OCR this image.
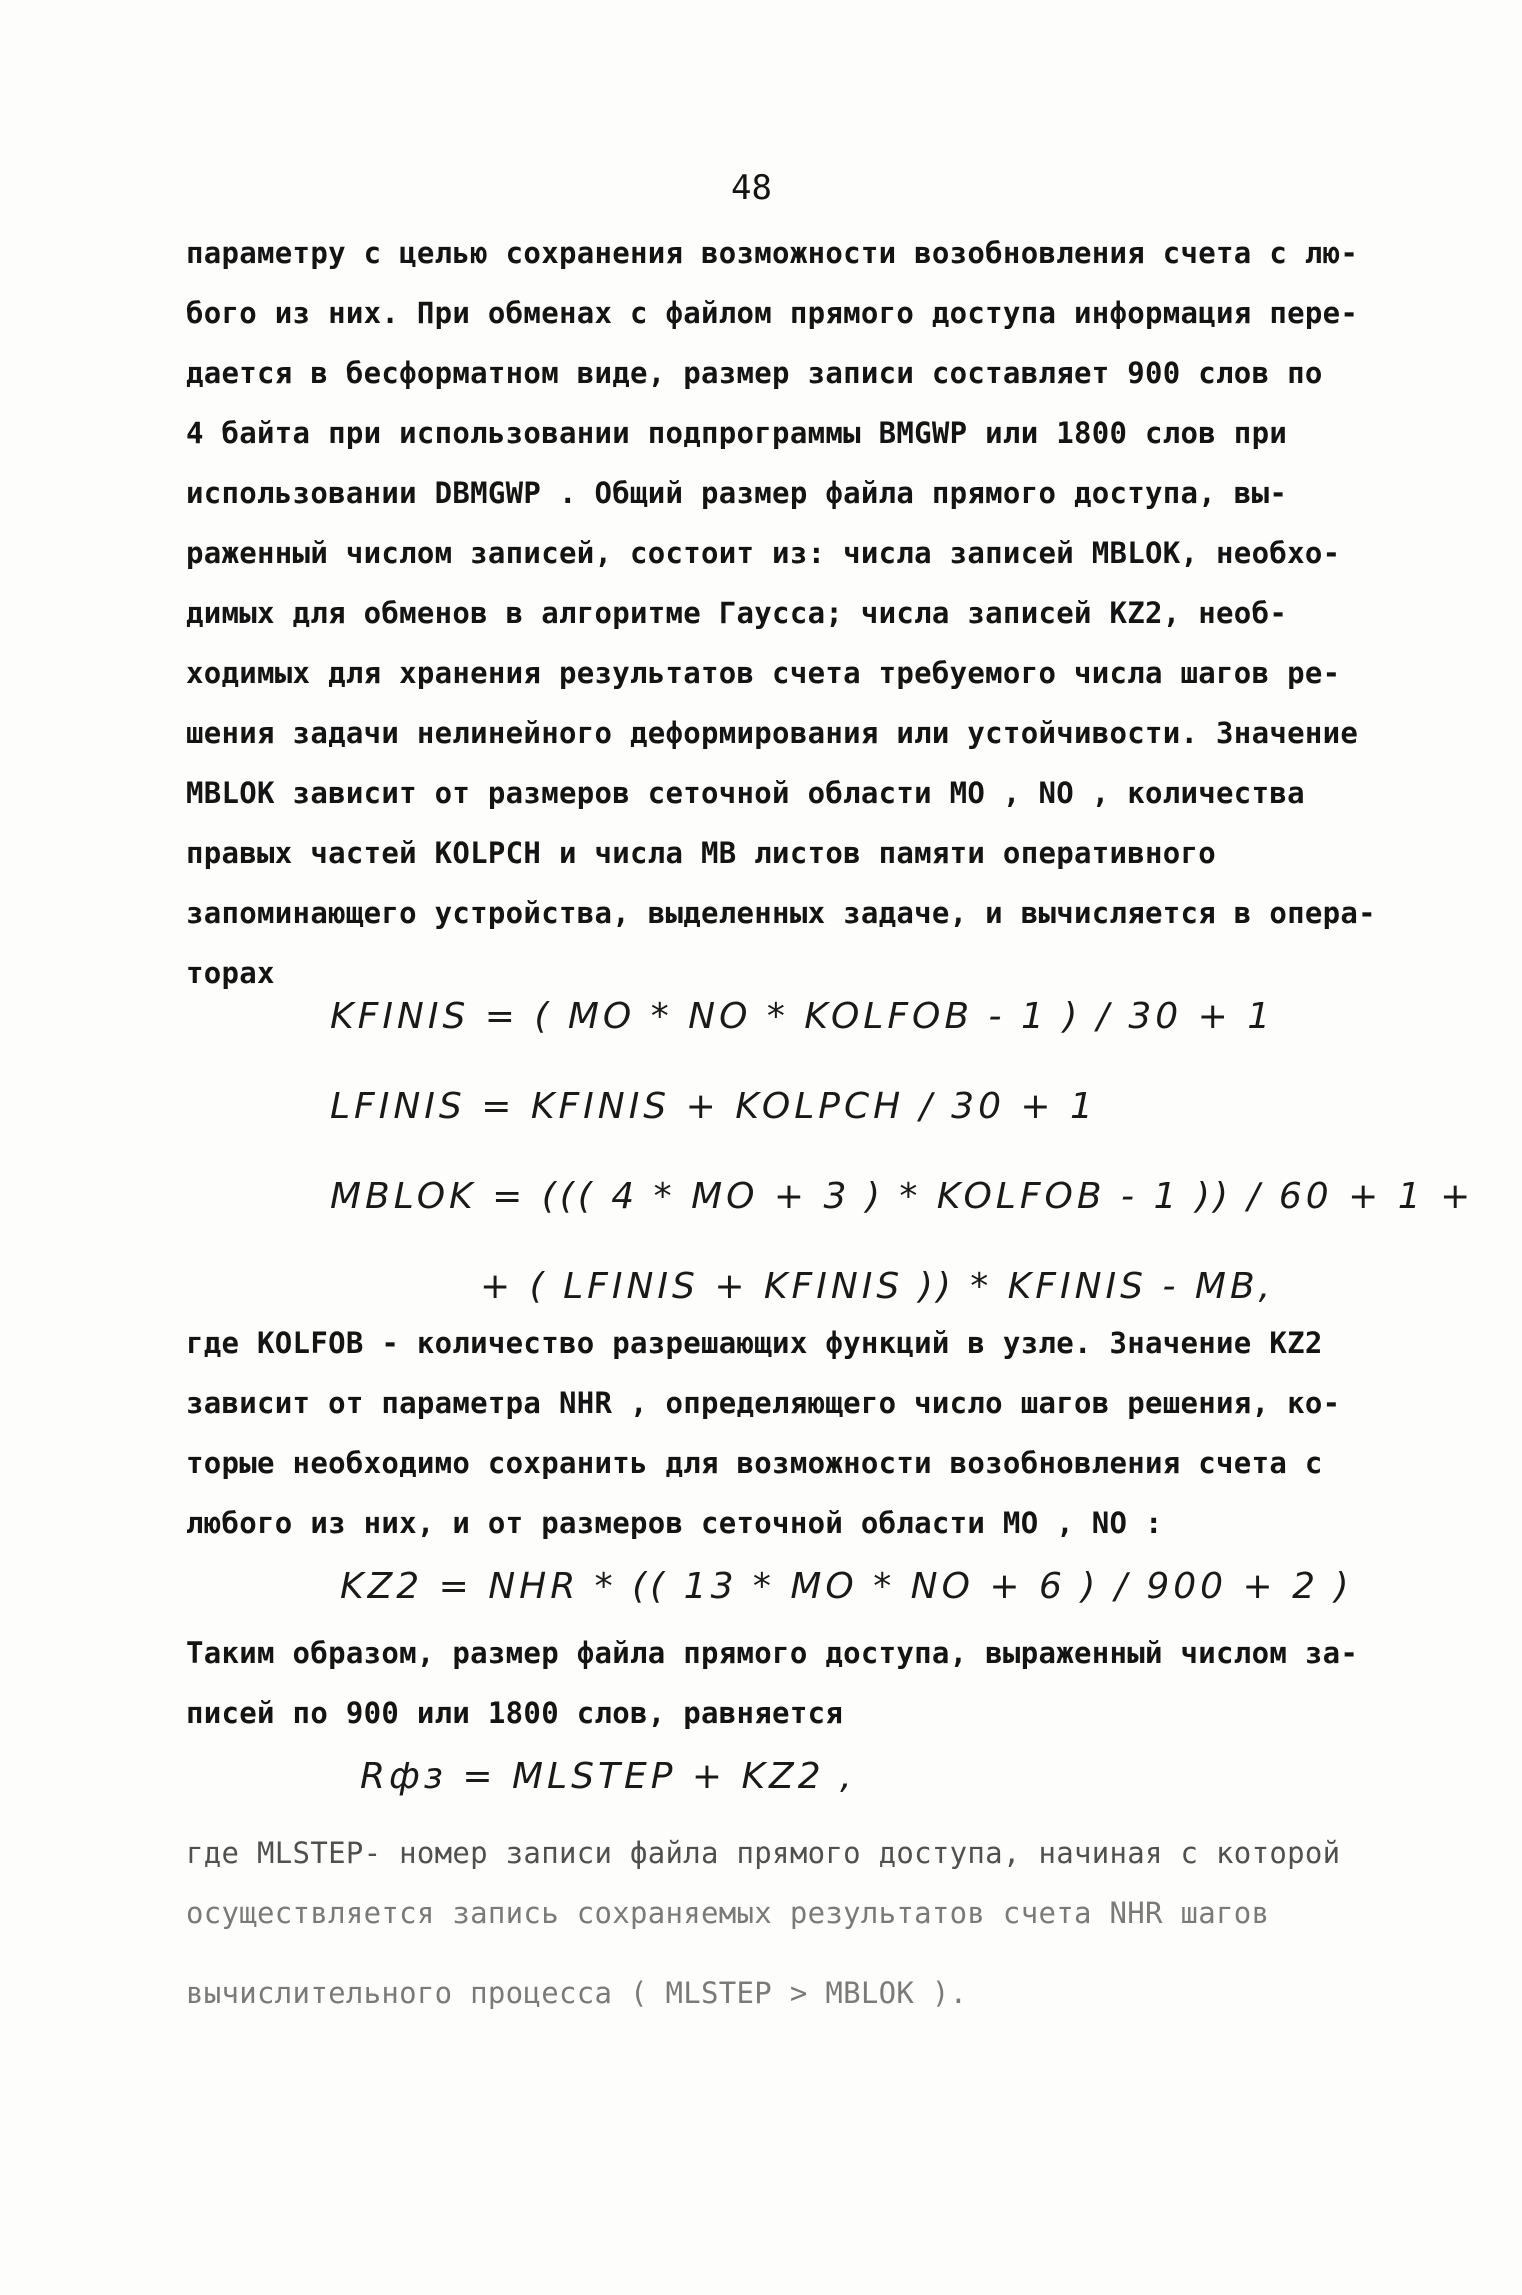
48
параметру с целью сохранения возможности возобновления счета с лю-
бого из них. При обменах с файлом прямого доступа информация пере-
дается в бесформатном виде, размер записи составляет 900 слов по
4 байта при использовании подпрограммы BMGWP или 1800 слов при
использовании DBMGWP . Общий размер файла прямого доступа, вы-
раженный числом записей, состоит из: числа записей MBLOK, необхо-
димых для обменов в алгоритме Гаусса; числа записей KZ2, необ-
ходимых для хранения результатов счета требуемого числа шагов ре-
шения задачи нелинейного деформирования или устойчивости. Значение
MBLOK зависит от размеров сеточной области MO , NO , количества
правых частей KOLPCH и числа MB листов памяти оперативного
запоминающего устройства, выделенных задаче, и вычисляется в опера-
торах
KFINIS = ( MO * NO * KOLFOB - 1 ) / 30 + 1
LFINIS = KFINIS + KOLPCH / 30 + 1
MBLOK = ((( 4 * MO + 3 ) * KOLFOB - 1 )) / 60 + 1 +
+ ( LFINIS + KFINIS )) * KFINIS - MB,
где KOLFOB - количество разрешающих функций в узле. Значение KZ2
зависит от параметра NHR , определяющего число шагов решения, ко-
торые необходимо сохранить для возможности возобновления счета с
любого из них, и от размеров сеточной области MO , NO :
KZ2 = NHR * (( 13 * MO * NO + 6 ) / 900 + 2 )
Таким образом, размер файла прямого доступа, выраженный числом за-
писей по 900 или 1800 слов, равняется
Rфз = MLSTEP + KZ2 ,
где MLSTEP- номер записи файла прямого доступа, начиная с которой
осуществляется запись сохраняемых результатов счета NHR шагов
вычислительного процесса ( MLSTEP > MBLOK ).
